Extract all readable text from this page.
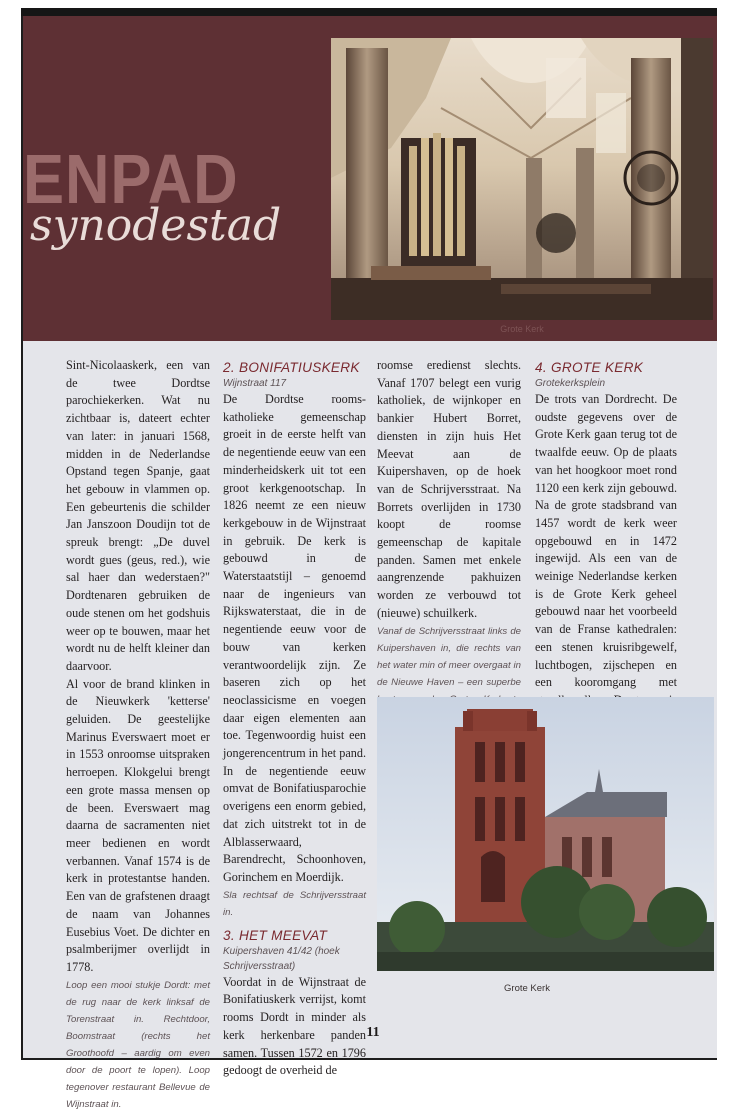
ENPAD
synodestad
Grote Kerk

Sint-Nicolaaskerk, een van de twee Dordtse parochiekerken. Wat nu zichtbaar is, dateert echter van later: in januari 1568, midden in de Nederlandse Opstand tegen Spanje, gaat het gebouw in vlammen op. Een gebeurtenis die schilder Jan Janszoon Doudijn tot de spreuk brengt: „De duvel wordt gues (geus, red.), wie sal haer dan wederstaen?" Dordtenaren gebruiken de oude stenen om het godshuis weer op te bouwen, maar het wordt nu de helft kleiner dan daarvoor.

Al voor de brand klinken in de Nieuwkerk 'ketterse' geluiden. De geestelijke Marinus Everswaert moet er in 1553 onroomse uitspraken herroepen. Klokgelui brengt een grote massa mensen op de been. Everswaert mag daarna de sacramenten niet meer bedienen en wordt verbannen. Vanaf 1574 is de kerk in protestantse handen. Een van de grafstenen draagt de naam van Johannes Eusebius Voet. De dichter en psalmberijmer overlijdt in 1778.

Loop een mooi stukje Dordt: met de rug naar de kerk linksaf de Torenstraat in. Rechtdoor, Boomstraat (rechts het Groothoofd – aardig om even door de poort te lopen). Loop tegenover restaurant Bellevue de Wijnstraat in.

2. BONIFATIUSKERK
Wijnstraat 117

De Dordtse rooms-katholieke gemeenschap groeit in de eerste helft van de negentiende eeuw van een minderheidskerk uit tot een groot kerkgenootschap. In 1826 neemt ze een nieuw kerkgebouw in de Wijnstraat in gebruik. De kerk is gebouwd in de Waterstaatstijl – genoemd naar de ingenieurs van Rijkswaterstaat, die in de negentiende eeuw voor de bouw van kerken verantwoordelijk zijn. Ze baseren zich op het neoclassicisme en voegen daar eigen elementen aan toe. Tegenwoordig huist een jongerencentrum in het pand. In de negentiende eeuw omvat de Bonifatiusparochie overigens een enorm gebied, dat zich uitstrekt tot in de Alblasserwaard, Barendrecht, Schoonhoven, Gorinchem en Moerdijk.

Sla rechtsaf de Schrijversstraat in.

3. HET MEEVAT
Kuipershaven 41/42 (hoek Schrijversstraat)

Voordat in de Wijnstraat de Bonifatiuskerk verrijst, komt rooms Dordt in minder als kerk herkenbare panden samen. Tussen 1572 en 1796 gedoogt de overheid de

roomse eredienst slechts. Vanaf 1707 belegt een vurig katholiek, de wijnkoper en bankier Hubert Borret, diensten in zijn huis Het Meevat aan de Kuipershaven, op de hoek van de Schrijversstraat. Na Borrets overlijden in 1730 koopt de roomse gemeenschap de kapitale panden. Samen met enkele aangrenzende pakhuizen worden ze verbouwd tot (nieuwe) schuilkerk.

Vanaf de Schrijversstraat links de Kuipershaven in, die rechts van het water min of meer overgaat in de Nieuwe Haven – een superbe

4. GROTE KERK
Grotekerksplein

De trots van Dordrecht. De oudste gegevens over de Grote Kerk gaan terug tot de twaalfde eeuw. Op de plaats van het hoogkoor moet rond 1120 een kerk zijn gebouwd. Na de grote stadsbrand van 1457 wordt de kerk weer opgebouwd en in 1472 ingewijd. Als een van de weinige Nederlandse kerken is de Grote Kerk geheel gebouwd naar het voorbeeld van de Franse kathedralen: een stenen kruisribgewelf, luchtbogen, zijschepen en een kooromgang met

Grote Kerk
11
